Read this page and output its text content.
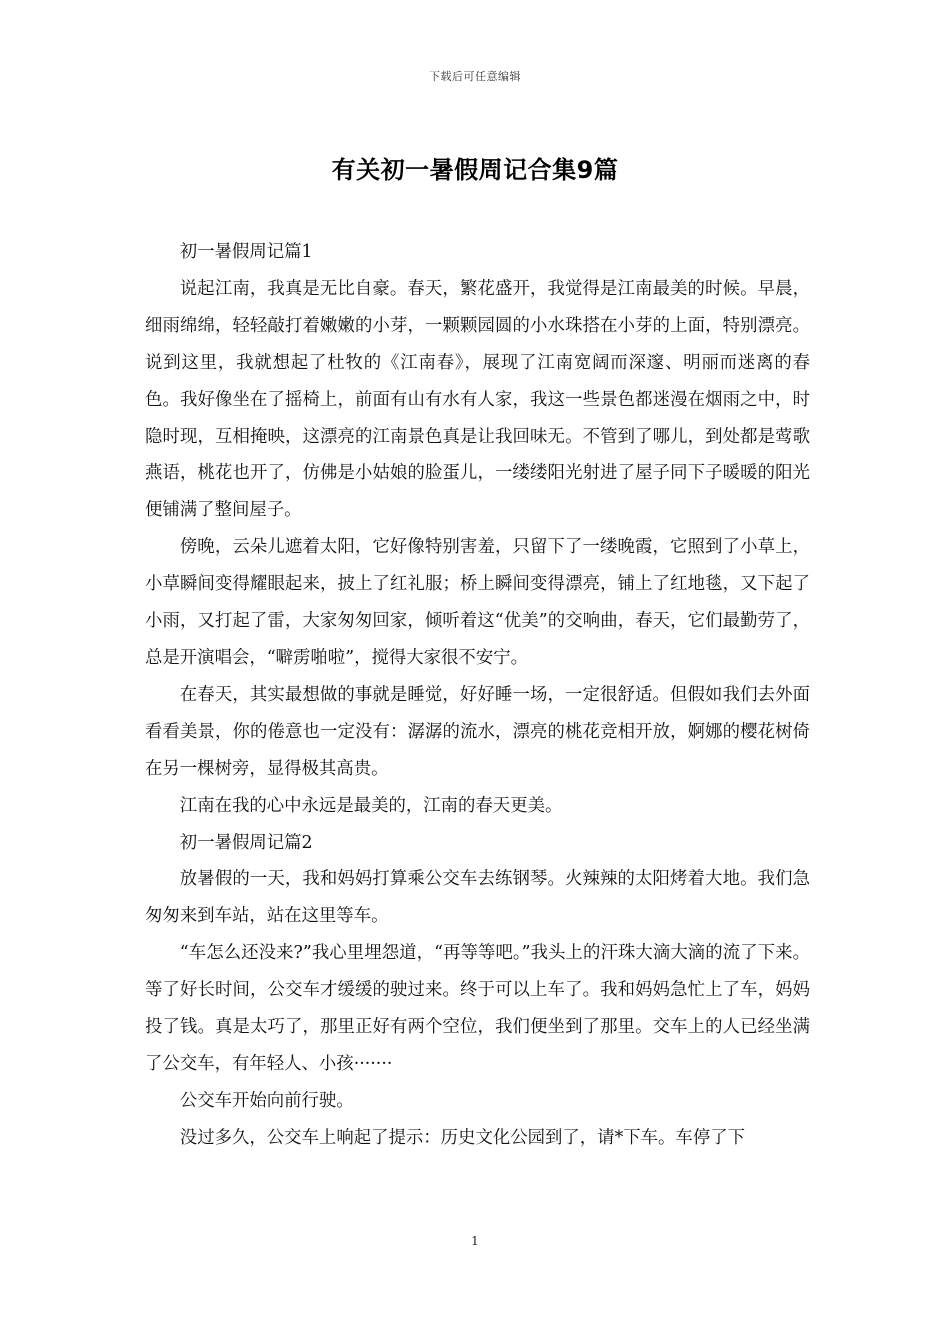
下载后可任意编辑
有关初一暑假周记合集9篇

初一暑假周记篇1

说起江南，我真是无比自豪。春天，繁花盛开，我觉得是江南最美的时候。早晨，细雨绵绵，轻轻敲打着嫩嫩的小芽，一颗颗园圆的小水珠搭在小芽的上面，特别漂亮。说到这里，我就想起了杜牧的《江南春》，展现了江南宽阔而深邃、明丽而迷离的春色。我好像坐在了摇椅上，前面有山有水有人家，我这一些景色都迷漫在烟雨之中，时隐时现，互相掩映，这漂亮的江南景色真是让我回味无。不管到了哪儿，到处都是莺歌燕语，桃花也开了，仿佛是小姑娘的脸蛋儿，一缕缕阳光射进了屋子同下子暖暖的阳光便铺满了整间屋子。

傍晚，云朵儿遮着太阳，它好像特别害羞，只留下了一缕晚霞，它照到了小草上，小草瞬间变得耀眼起来，披上了红礼服；桥上瞬间变得漂亮，铺上了红地毯，又下起了小雨，又打起了雷，大家匆匆回家，倾听着这“优美”的交响曲，春天，它们最勤劳了，总是开演唱会，“噼雳啪啦”，搅得大家很不安宁。

在春天，其实最想做的事就是睡觉，好好睡一场，一定很舒适。但假如我们去外面看看美景，你的倦意也一定没有：潺潺的流水，漂亮的桃花竞相开放，婀娜的樱花树倚在另一棵树旁，显得极其高贵。

江南在我的心中永远是最美的，江南的春天更美。

初一暑假周记篇2

放暑假的一天，我和妈妈打算乘公交车去练钢琴。火辣辣的太阳烤着大地。我们急匆匆来到车站，站在这里等车。

“车怎么还没来?”我心里埋怨道，“再等等吧。”我头上的汗珠大滴大滴的流了下来。等了好长时间，公交车才缓缓的驶过来。终于可以上车了。我和妈妈急忙上了车，妈妈投了钱。真是太巧了，那里正好有两个空位，我们便坐到了那里。交车上的人已经坐满了公交车，有年轻人、小孩·······

公交车开始向前行驶。

没过多久，公交车上响起了提示：历史文化公园到了，请*下车。车停了下

1
